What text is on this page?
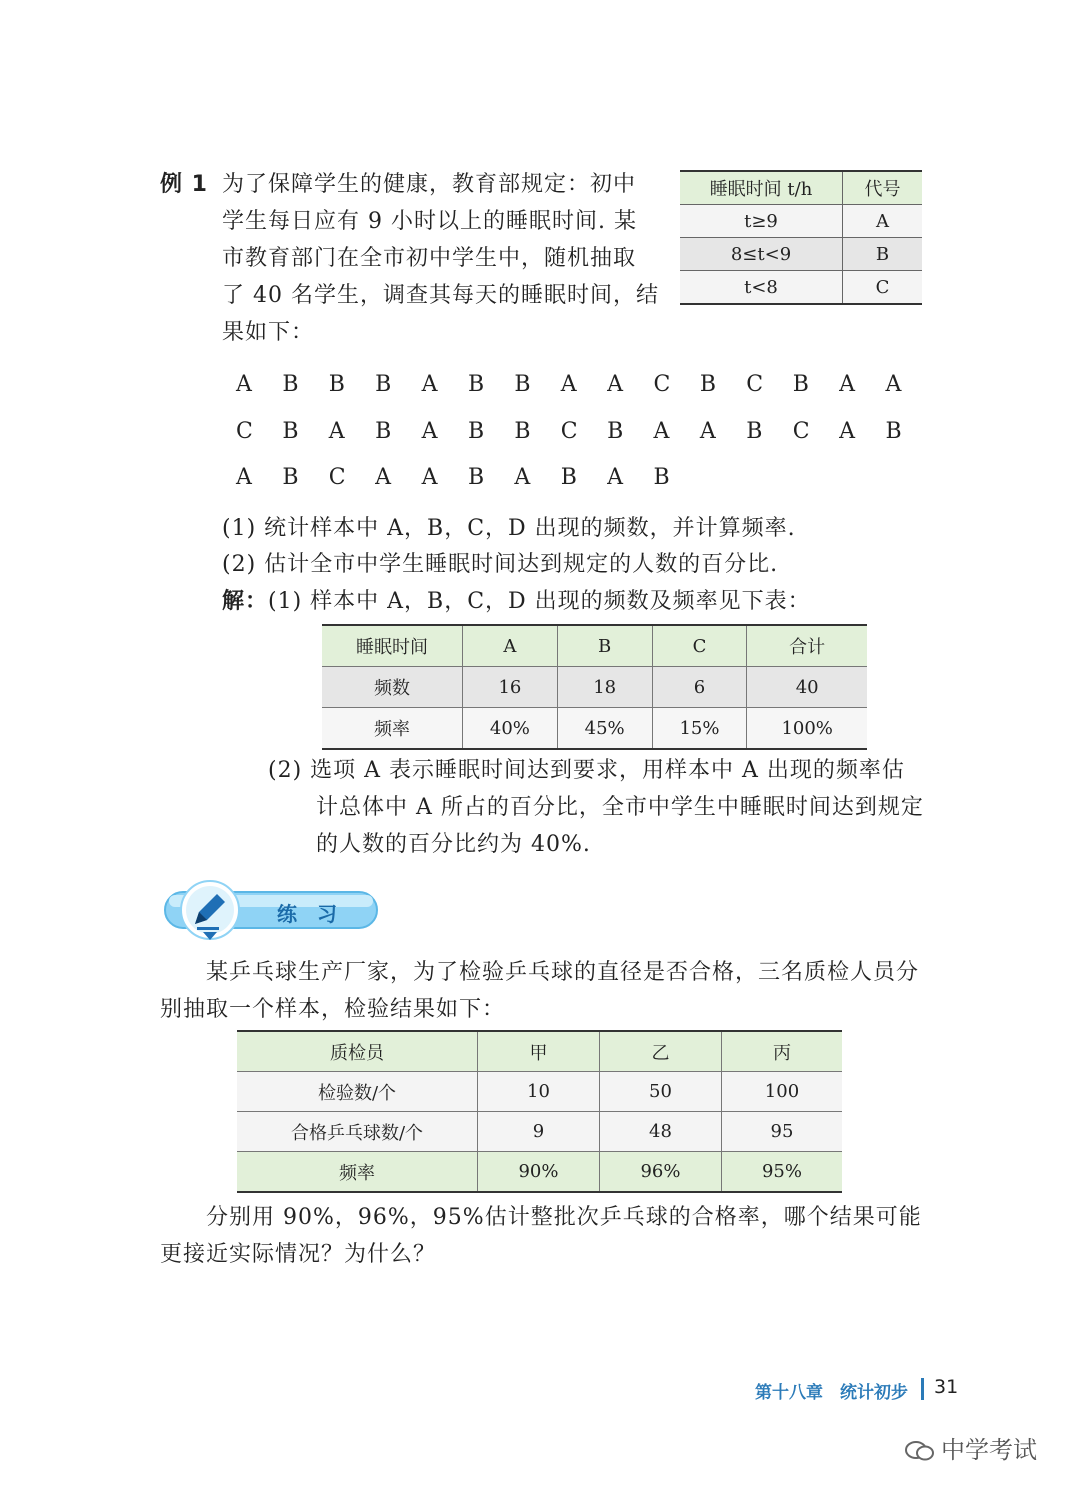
例 1 为了保障学生的健康，教育部规定：初中
学生每日应有 9 小时以上的睡眠时间. 某
市教育部门在全市初中学生中，随机抽取
了 40 名学生，调查其每天的睡眠时间，结
果如下：
睡眠时间 t/h	代号
t≥9	A
8≤t<9	B
t<8	C
A B B B A B B A A C B C B A A
C B A B A B B C B A A B C A B
A B C A A B A B A B
(1) 统计样本中 A，B，C，D 出现的频数，并计算频率.
(2) 估计全市中学生睡眠时间达到规定的人数的百分比.
解： (1) 样本中 A，B，C，D 出现的频数及频率见下表：
睡眠时间	A	B	C	合计
频数	16	18	6	40
频率	40%	45%	15%	100%
(2) 选项 A 表示睡眠时间达到要求，用样本中 A 出现的频率估
计总体中 A 所占的百分比，全市中学生中睡眠时间达到规定
的人数的百分比约为 40%.
练　习
某乒乓球生产厂家，为了检验乒乓球的直径是否合格，三名质检人员分
别抽取一个样本，检验结果如下：
质检员	甲	乙	丙
检验数/个	10	50	100
合格乒乓球数/个	9	48	95
频率	90%	96%	95%
分别用 90%，96%，95%估计整批次乒乓球的合格率，哪个结果可能
更接近实际情况？为什么？
第十八章　统计初步 31
中学考试
